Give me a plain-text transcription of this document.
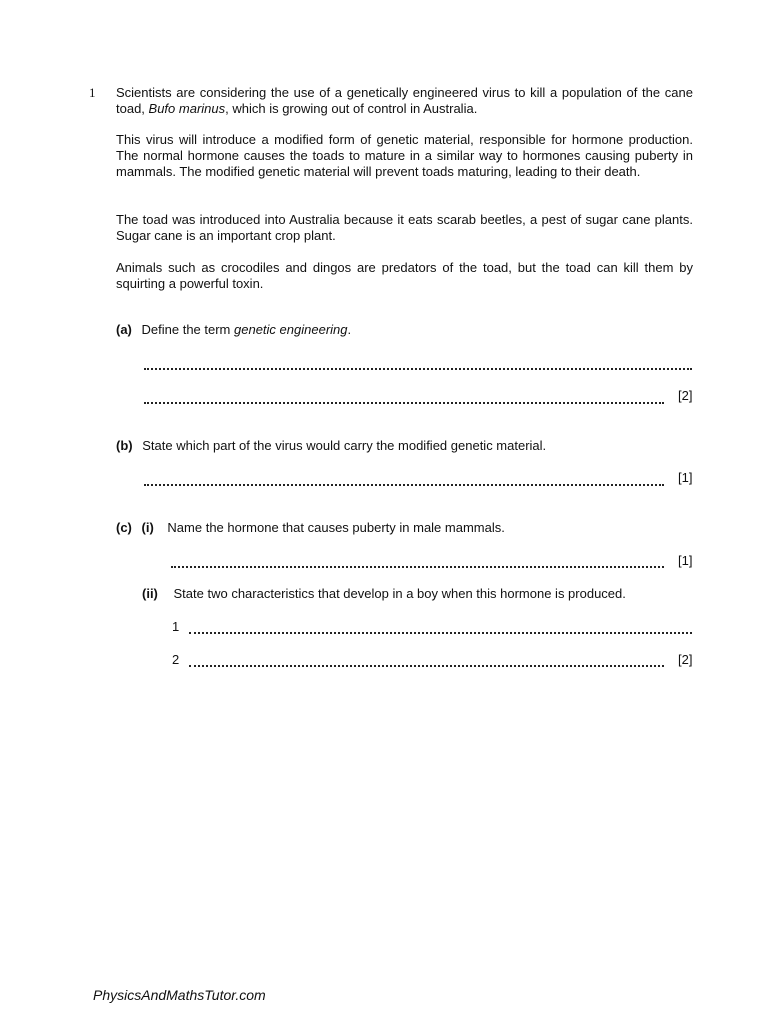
1 Scientists are considering the use of a genetically engineered virus to kill a population of the cane toad, Bufo marinus, which is growing out of control in Australia.
This virus will introduce a modified form of genetic material, responsible for hormone production. The normal hormone causes the toads to mature in a similar way to hormones causing puberty in mammals. The modified genetic material will prevent toads maturing, leading to their death.
The toad was introduced into Australia because it eats scarab beetles, a pest of sugar cane plants. Sugar cane is an important crop plant.
Animals such as crocodiles and dingos are predators of the toad, but the toad can kill them by squirting a powerful toxin.
(a) Define the term genetic engineering.
[2]
(b) State which part of the virus would carry the modified genetic material.
[1]
(c) (i) Name the hormone that causes puberty in male mammals.
[1]
(ii) State two characteristics that develop in a boy when this hormone is produced.
1
2	[2]
PhysicsAndMathsTutor.com
